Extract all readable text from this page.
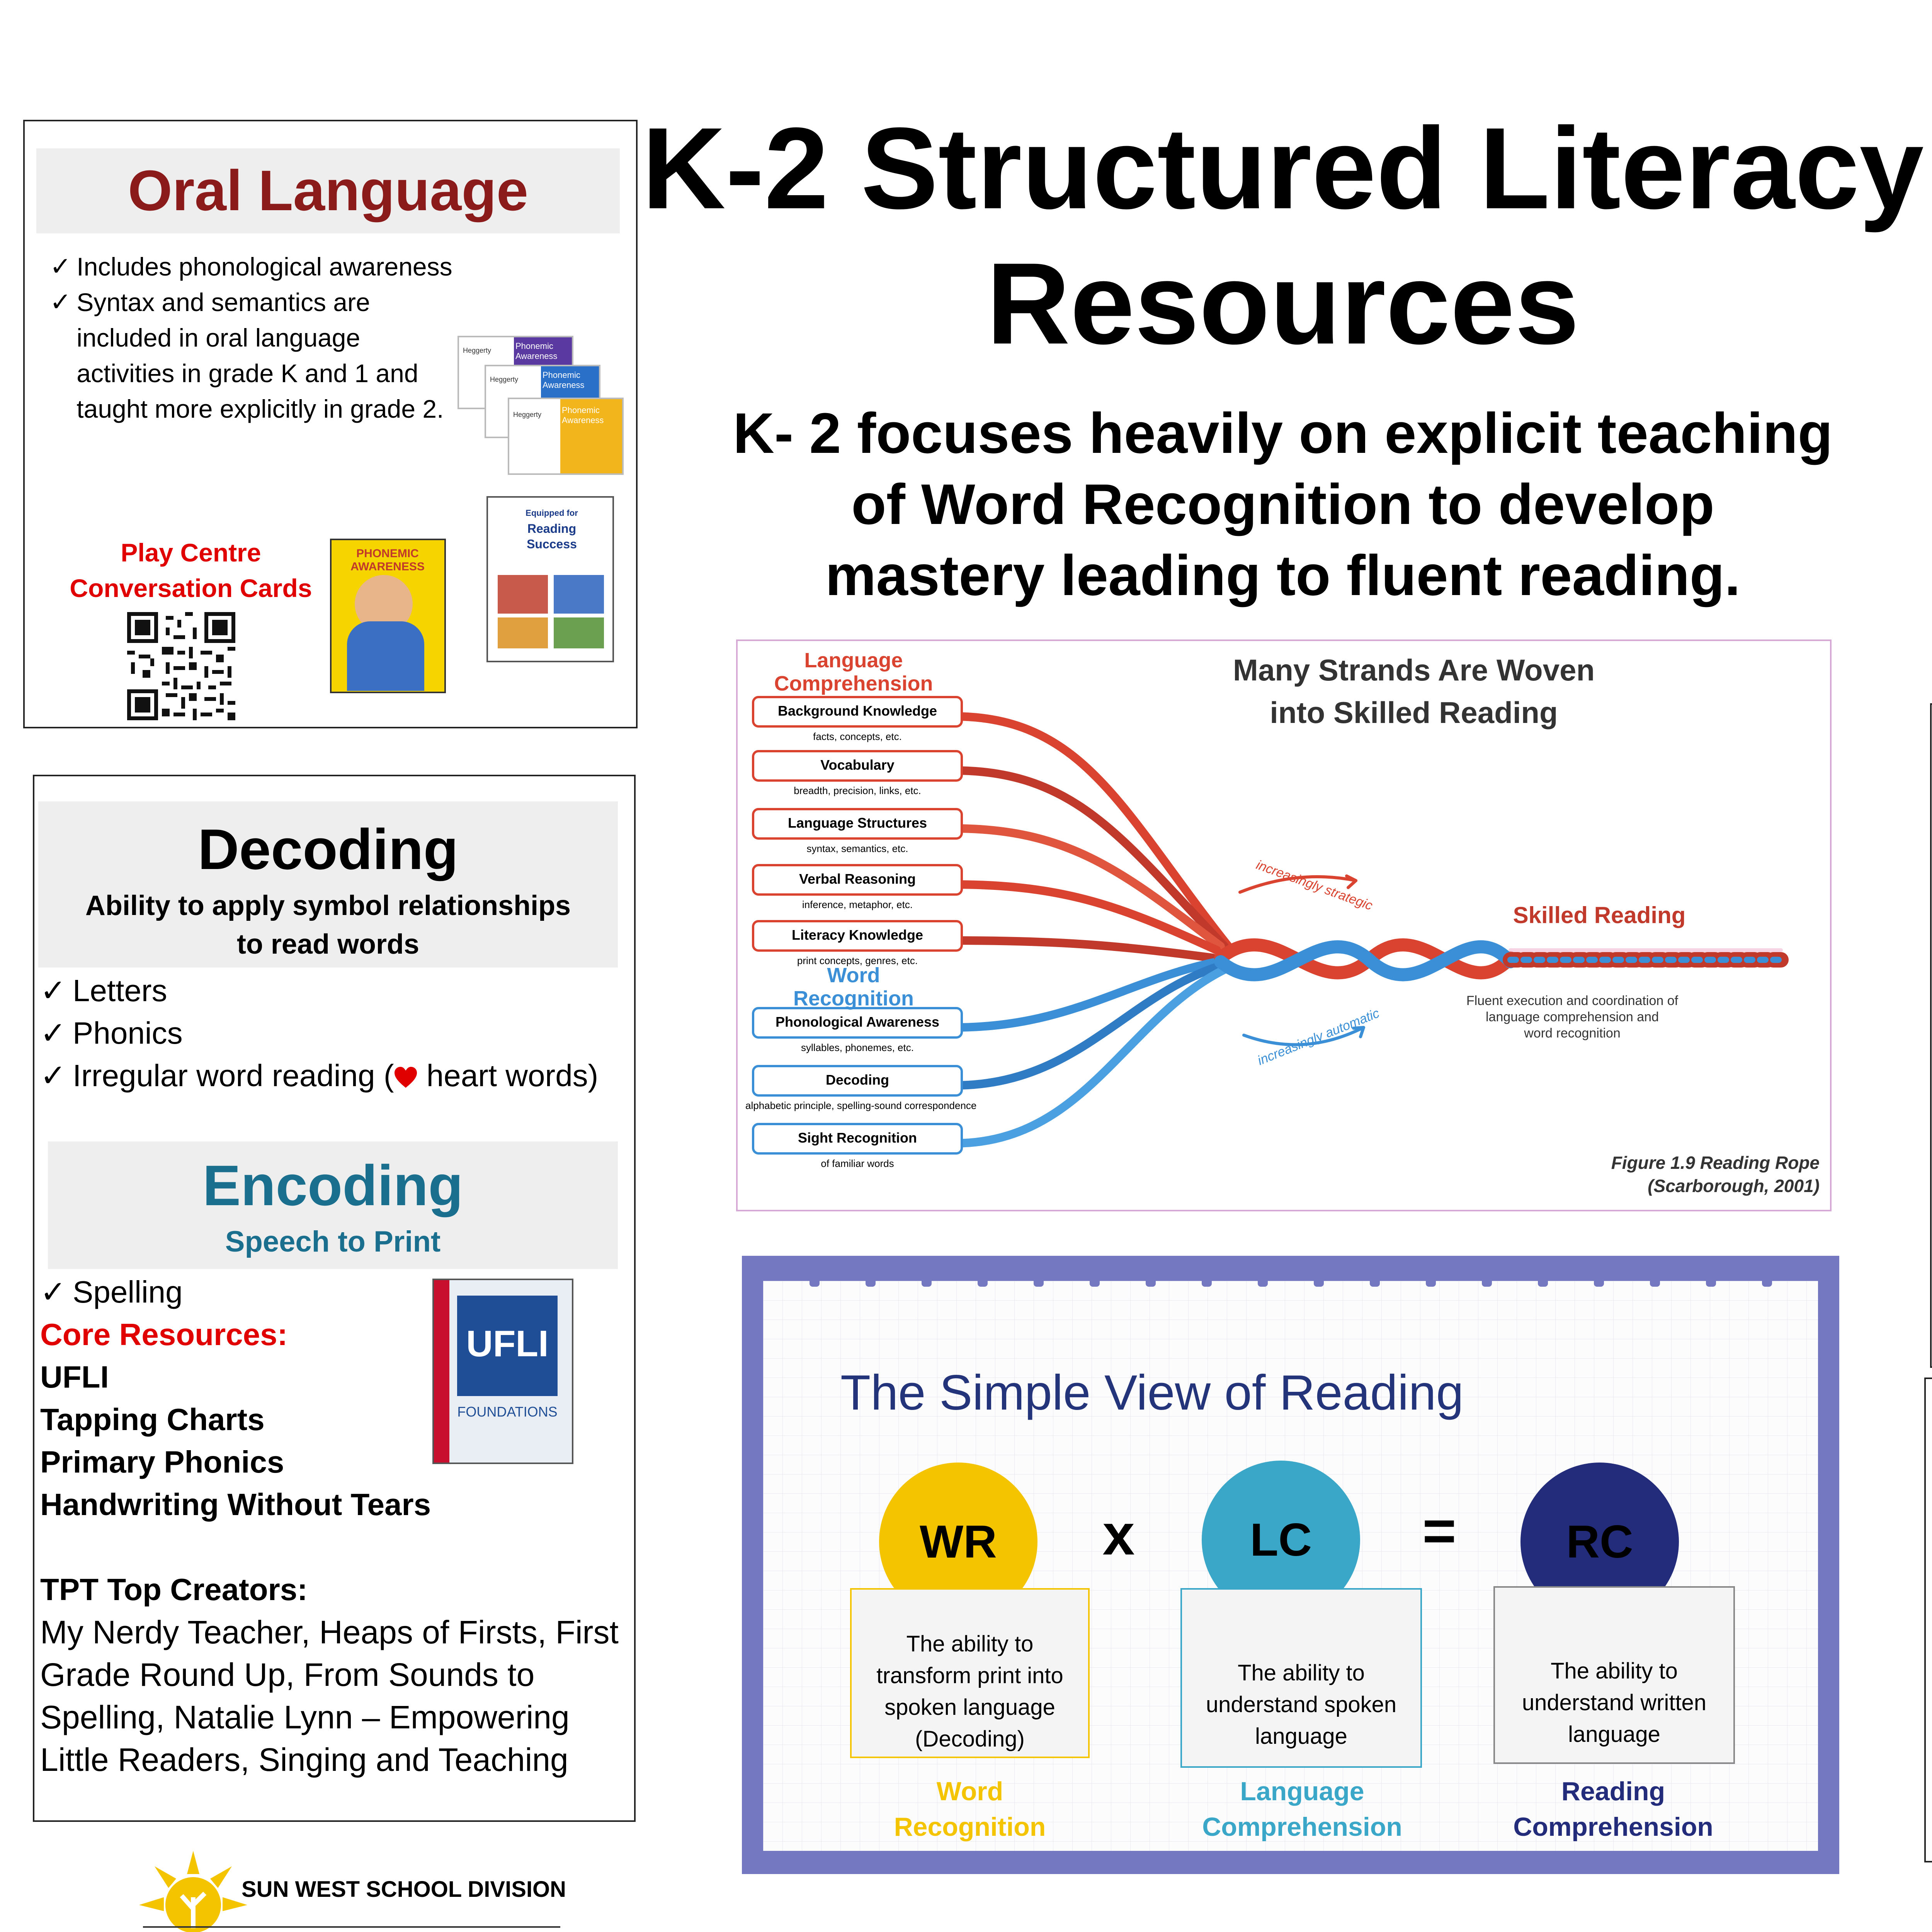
K-2 Structured Literacy
Resources
K- 2 focuses heavily on explicit teaching
of Word Recognition to develop
mastery leading to fluent reading.
Oral Language
✓ Includes phonological awareness
✓ Syntax and semantics are included in oral language activities in grade K and 1 and taught more explicitly in grade 2.
Play Centre
Conversation Cards
Phonemic Awareness
Heggerty
Phonemic Awareness
Heggerty
Phonemic Awareness
Heggerty
PHONEMIC AWARENESS
Equipped for
Reading
Success
Decoding
Ability to apply symbol relationships
to read words
✓ Letters
✓ Phonics
✓ Irregular word reading ( heart words)
Encoding
Speech to Print
✓ Spelling
Core Resources:
UFLI
Tapping Charts
Primary Phonics
Handwriting Without Tears
UFLI
FOUNDATIONS
TPT Top Creators:
My Nerdy Teacher, Heaps of Firsts, First Grade Round Up, From Sounds to Spelling, Natalie Lynn – Empowering Little Readers, Singing and Teaching
SUN WEST SCHOOL DIVISION
Language
Comprehension
Word
Recognition
Background Knowledge
facts, concepts, etc.
Vocabulary
breadth, precision, links, etc.
Language Structures
syntax, semantics, etc.
Verbal Reasoning
inference, metaphor, etc.
Literacy Knowledge
print concepts, genres, etc.
Phonological Awareness
syllables, phonemes, etc.
Decoding
alphabetic principle, spelling-sound correspondence
Sight Recognition
of familiar words
Many Strands Are Woven
into Skilled Reading
Skilled Reading
Fluent execution and coordination of
language comprehension and
word recognition
increasingly strategic
increasingly automatic
Figure 1.9 Reading Rope
(Scarborough, 2001)
The Simple View of Reading
WR
The ability to
transform print into
spoken language
(Decoding)
Word
Recognition
x	LC
The ability to
understand spoken
language
Language
Comprehension
=	RC
The ability to
understand written
language
Reading
Comprehension
